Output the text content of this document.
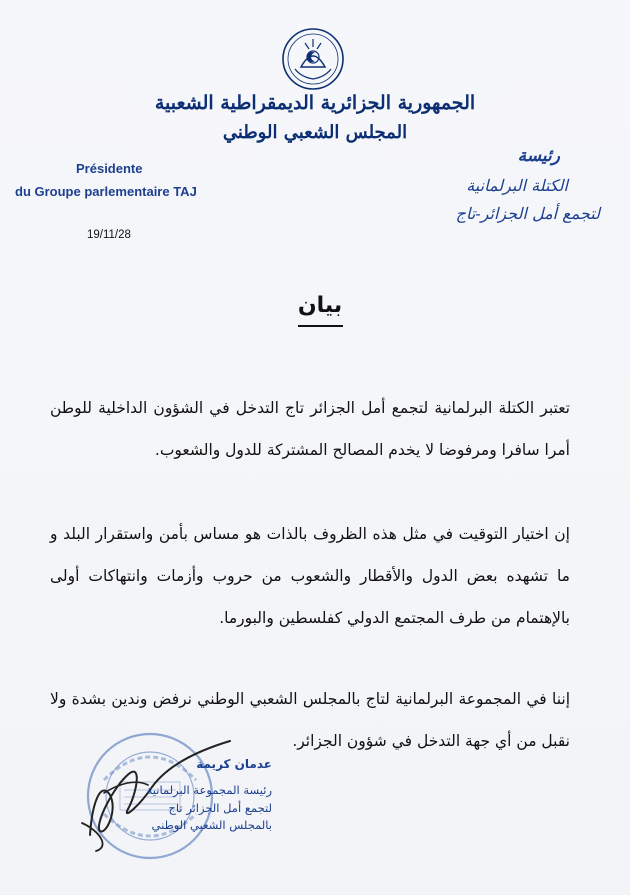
الجمهورية الجزائرية الديمقراطية الشعبية
المجلس الشعبي الوطني
Présidente
du Groupe parlementaire TAJ
رئيسة
الكتلة البرلمانية
لتجمع أمل الجزائر-تاج
19/11/28
بيان
تعتبر الكتلة البرلمانية لتجمع أمل الجزائر تاج التدخل في الشؤون الداخلية للوطن أمرا سافرا ومرفوضا لا يخدم المصالح المشتركة للدول والشعوب.
إن اختيار التوقيت في مثل هذه الظروف بالذات هو مساس بأمن واستقرار البلد و ما تشهده بعض الدول والأقطار والشعوب من حروب وأزمات وانتهاكات أولى بالإهتمام من طرف المجتمع الدولي كفلسطين والبورما.
إننا في المجموعة البرلمانية لتاج بالمجلس الشعبي الوطني نرفض وندين بشدة ولا نقبل من أي جهة التدخل في شؤون الجزائر.
عدمان كريمة
رئيسة المجموعة البرلمانية
لتجمع أمل الجزائر تاج
بالمجلس الشعبي الوطني
